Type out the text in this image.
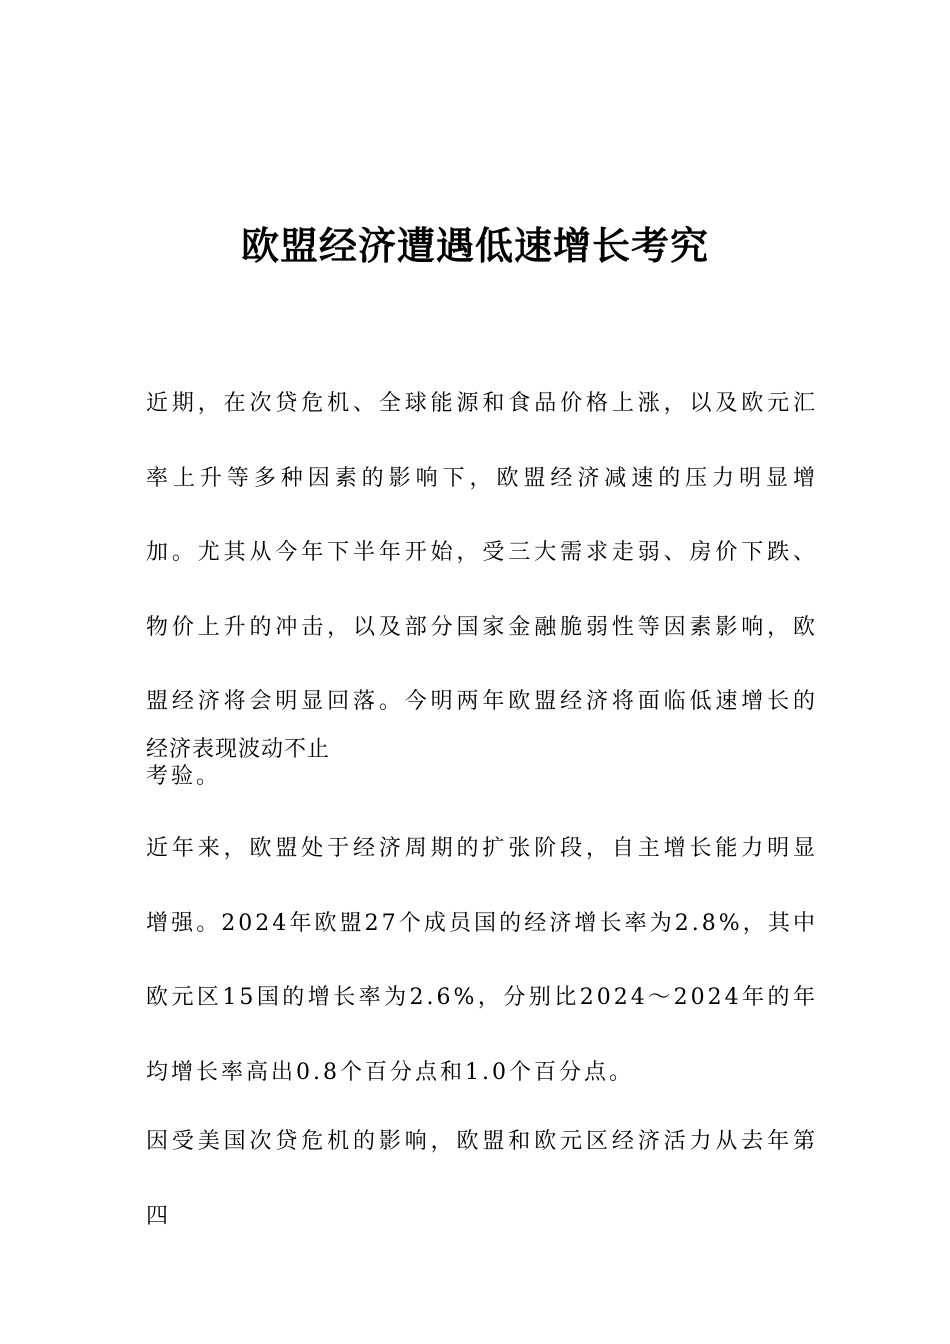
欧盟经济遭遇低速增长考究

近期，在次贷危机、全球能源和食品价格上涨，以及欧元汇率上升等多种因素的影响下，欧盟经济减速的压力明显增加。尤其从今年下半年开始，受三大需求走弱、房价下跌、物价上升的冲击，以及部分国家金融脆弱性等因素影响，欧盟经济将会明显回落。今明两年欧盟经济将面临低速增长的考验。

经济表现波动不止

近年来，欧盟处于经济周期的扩张阶段，自主增长能力明显增强。2024年欧盟27个成员国的经济增长率为2.8%，其中欧元区15国的增长率为2.6%，分别比2024～2024年的年均增长率高出0.8个百分点和1.0个百分点。

因受美国次贷危机的影响，欧盟和欧元区经济活力从去年第四
